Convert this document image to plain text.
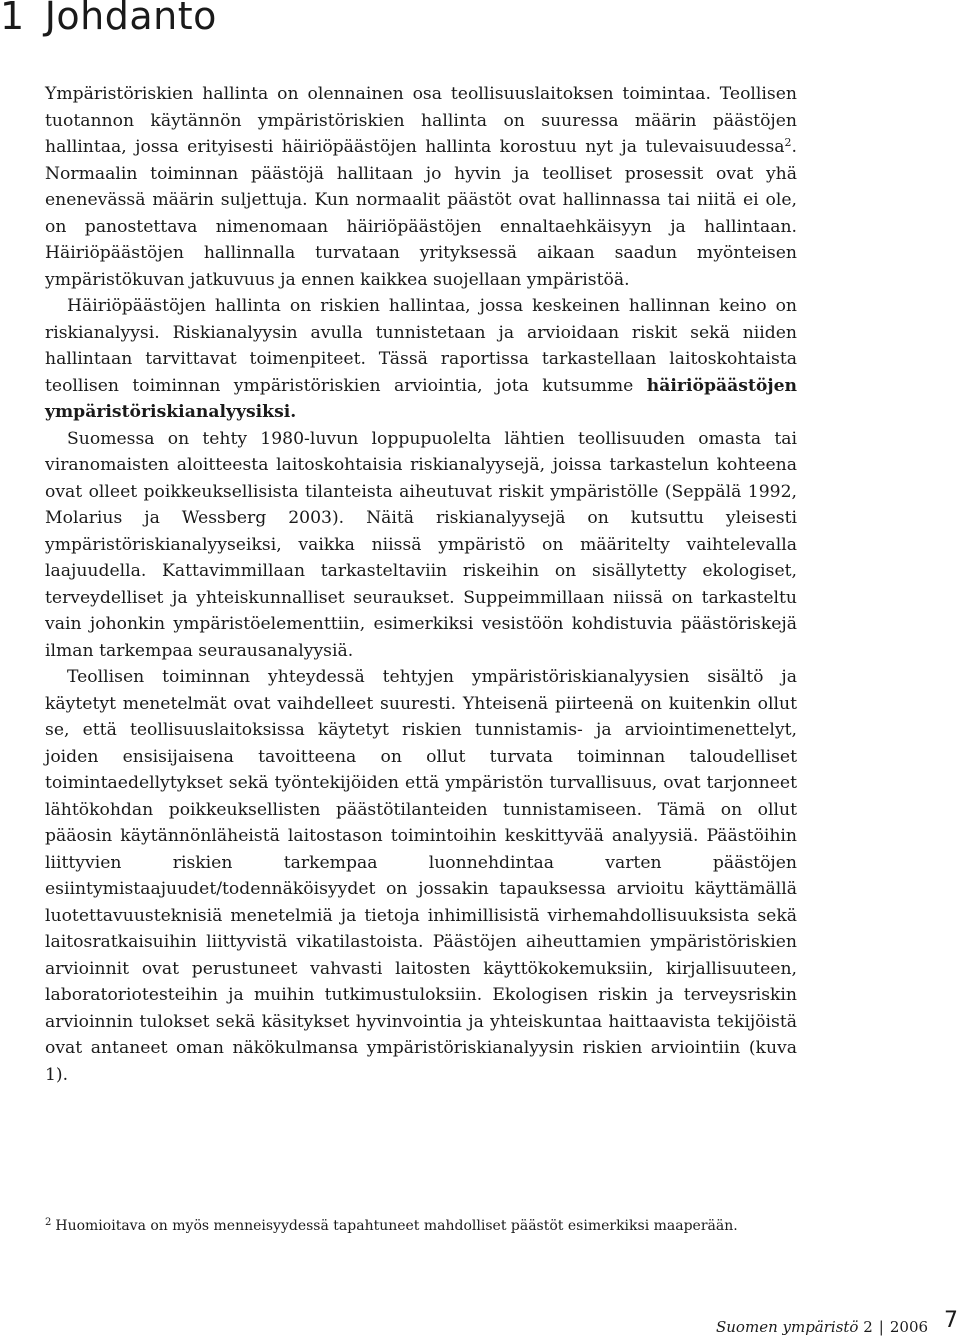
1 Johdanto

Ympäristöriskien hallinta on olennainen osa teollisuuslaitoksen toimintaa. Teollisen tuotannon käytännön ympäristöriskien hallinta on suuressa määrin päästöjen hallintaa, jossa erityisesti häiriöpäästöjen hallinta korostuu nyt ja tulevaisuudessa$^2$. Normaalin toiminnan päästöjä hallitaan jo hyvin ja teolliset prosessit ovat yhä enenevässä määrin suljettuja. Kun normaalit päästöt ovat hallinnassa tai niitä ei ole, on panostettava nimenomaan häiriöpäästöjen ennaltaehkäisyyn ja hallintaan. Häiriöpäästöjen hallinnalla turvataan yrityksessä aikaan saadun myönteisen ympäristökuvan jatkuvuus ja ennen kaikkea suojellaan ympäristöä.

Häiriöpäästöjen hallinta on riskien hallintaa, jossa keskeinen hallinnan keino on riskianalyysi. Riskianalyysin avulla tunnistetaan ja arvioidaan riskit sekä niiden hallintaan tarvittavat toimenpiteet. Tässä raportissa tarkastellaan laitoskohtaista teollisen toiminnan ympäristöriskien arviointia, jota kutsumme häiriöpäästöjen ympäristöriskianalyysiksi.

Suomessa on tehty 1980-luvun loppupuolelta lähtien teollisuuden omasta tai viranomaisten aloitteesta laitoskohtaisia riskianalyysejä, joissa tarkastelun kohteena ovat olleet poikkeuksellisista tilanteista aiheutuvat riskit ympäristölle (Seppälä 1992, Molarius ja Wessberg 2003). Näitä riskianalyysejä on kutsuttu yleisesti ympäristöriskianalyyseiksi, vaikka niissä ympäristö on määritelty vaihtelevalla laajuudella. Kattavimmillaan tarkasteltaviin riskeihin on sisällytetty ekologiset, terveydelliset ja yhteiskunnalliset seuraukset. Suppeimmillaan niissä on tarkasteltu vain johonkin ympäristöelementtiin, esimerkiksi vesistöön kohdistuvia päästöriskejä ilman tarkempaa seurausanalyysiä.

Teollisen toiminnan yhteydessä tehtyjen ympäristöriskianalyysien sisältö ja käytetyt menetelmät ovat vaihdelleet suuresti. Yhteisenä piirteenä on kuitenkin ollut se, että teollisuuslaitoksissa käytetyt riskien tunnistamis- ja arviointimenettelyt, joiden ensisijaisena tavoitteena on ollut turvata toiminnan taloudelliset toimintaedellytykset sekä työntekijöiden että ympäristön turvallisuus, ovat tarjonneet lähtökohdan poikkeuksellisten päästötilanteiden tunnistamiseen. Tämä on ollut pääosin käytännönläheistä laitostason toimintoihin keskittyvää analyysiä. Päästöihin liittyvien riskien tarkempaa luonnehdintaa varten päästöjen esiintymistaajuudet/todennäköisyydet on jossakin tapauksessa arvioitu käyttämällä luotettavuusteknisiä menetelmiä ja tietoja inhimillisistä virhemahdollisuuksista sekä laitosratkaisuihin liittyvistä vikatilastoista. Päästöjen aiheuttamien ympäristöriskien arvioinnit ovat perustuneet vahvasti laitosten käyttökokemuksiin, kirjallisuuteen, laboratoriotesteihin ja muihin tutkimustuloksiin. Ekologisen riskin ja terveysriskin arvioinnin tulokset sekä käsitykset hyvinvointia ja yhteiskuntaa haittaavista tekijöistä ovat antaneet oman näkökulmansa ympäristöriskianalyysin riskien arviointiin (kuva 1).

$^2$ Huomioitava on myös menneisyydessä tapahtuneet mahdolliset päästöt esimerkiksi maaperään.
Suomen ympäristö 2 | 2006 7
